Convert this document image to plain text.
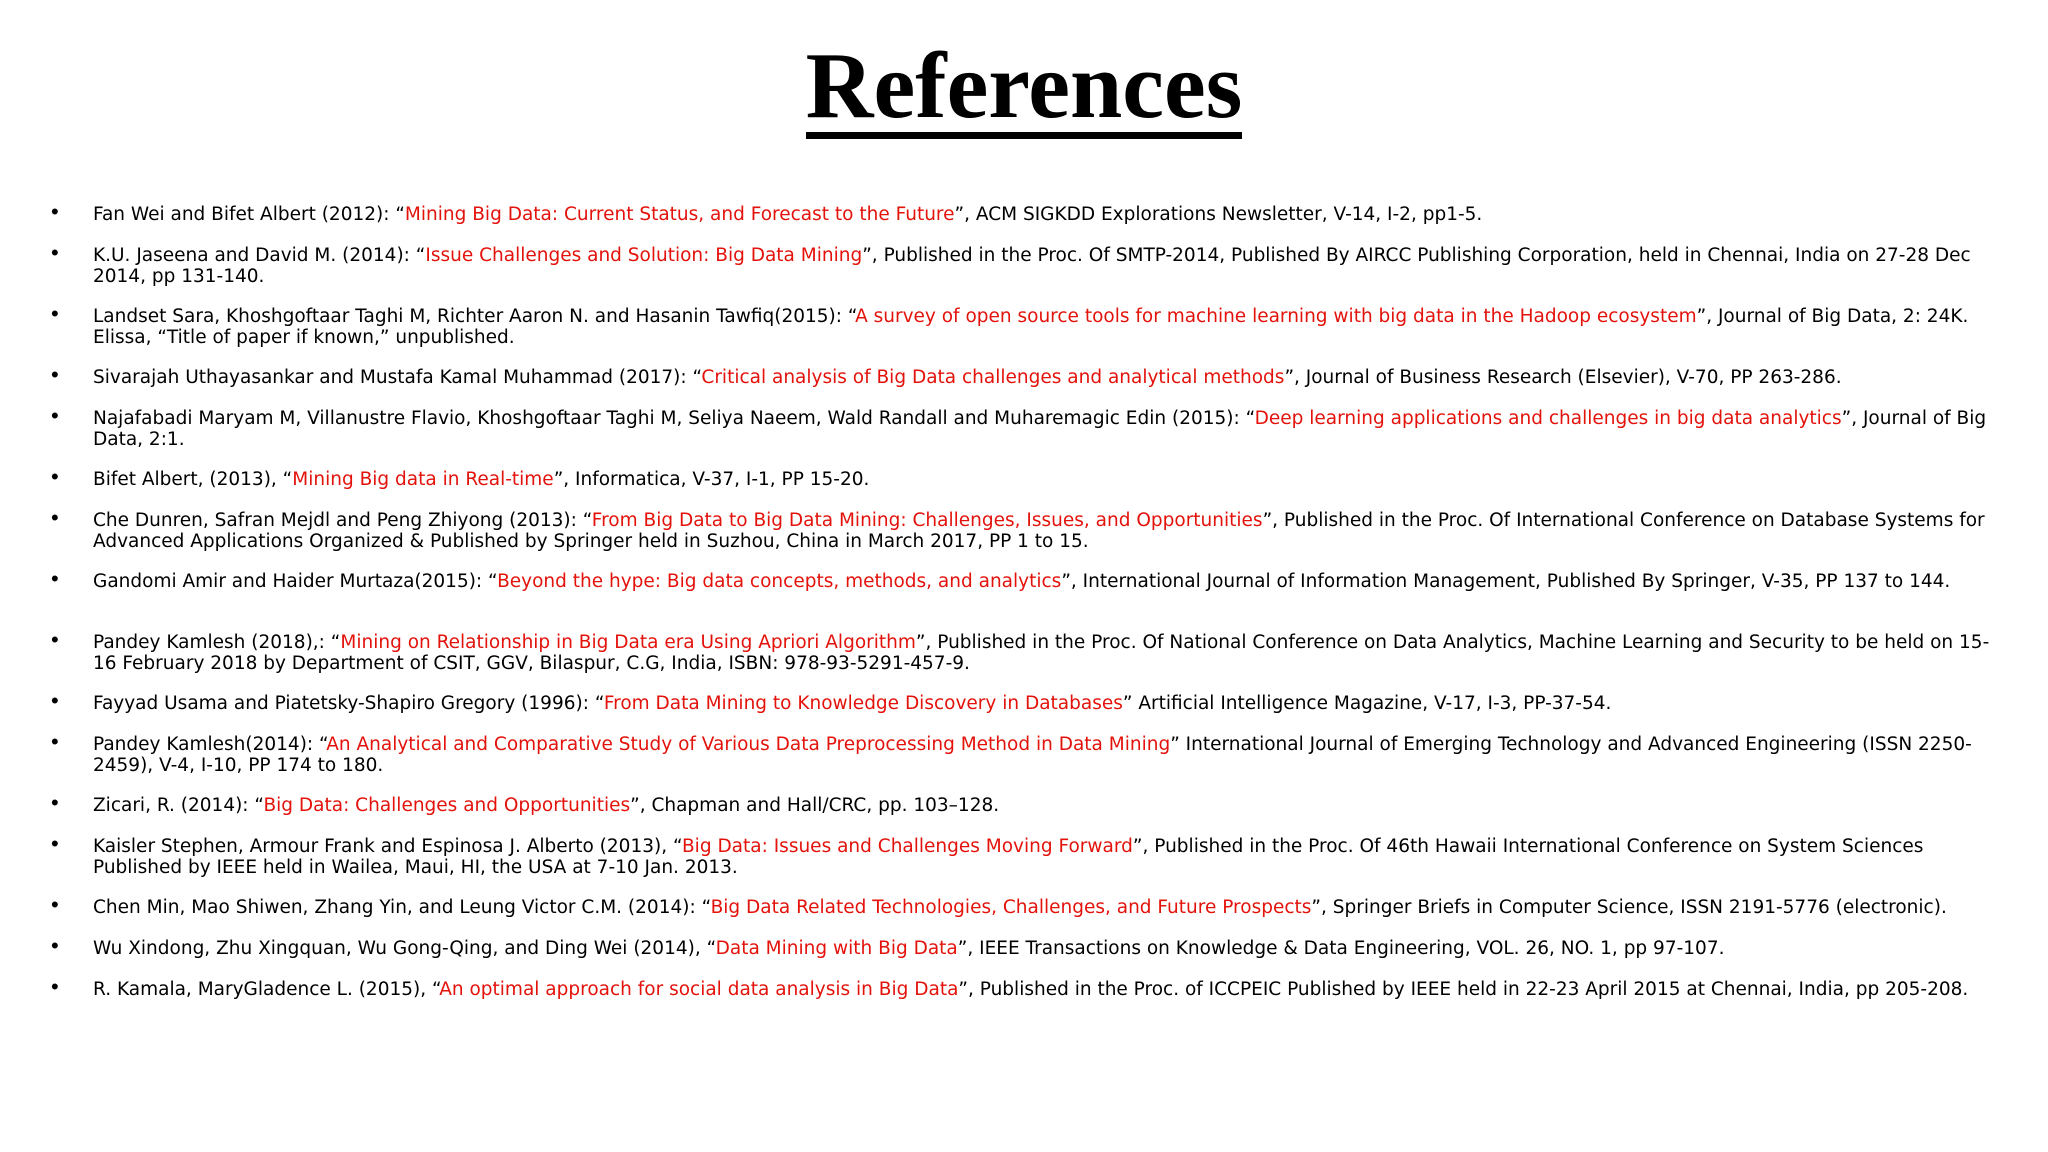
References
• Fan Wei and Bifet Albert (2012): “Mining Big Data: Current Status, and Forecast to the Future”, ACM SIGKDD Explorations Newsletter, V-14, I-2, pp1-5.
• K.U. Jaseena and David M. (2014): “Issue Challenges and Solution: Big Data Mining”, Published in the Proc. Of SMTP-2014, Published By AIRCC Publishing Corporation, held in Chennai, India on 27-28 Dec 2014, pp 131-140.
• Landset Sara, Khoshgoftaar Taghi M, Richter Aaron N. and Hasanin Tawfiq(2015): “A survey of open source tools for machine learning with big data in the Hadoop ecosystem”, Journal of Big Data, 2: 24K. Elissa, “Title of paper if known,” unpublished.
• Sivarajah Uthayasankar and Mustafa Kamal Muhammad (2017): “Critical analysis of Big Data challenges and analytical methods”, Journal of Business Research (Elsevier), V-70, PP 263-286.
• Najafabadi Maryam M, Villanustre Flavio, Khoshgoftaar Taghi M, Seliya Naeem, Wald Randall and Muharemagic Edin (2015): “Deep learning applications and challenges in big data analytics”, Journal of Big Data, 2:1.
• Bifet Albert, (2013), “Mining Big data in Real-time”, Informatica, V-37, I-1, PP 15-20.
• Che Dunren, Safran Mejdl and Peng Zhiyong (2013): “From Big Data to Big Data Mining: Challenges, Issues, and Opportunities”, Published in the Proc. Of International Conference on Database Systems for Advanced Applications Organized & Published by Springer held in Suzhou, China in March 2017, PP 1 to 15.
• Gandomi Amir and Haider Murtaza(2015): “Beyond the hype: Big data concepts, methods, and analytics”, International Journal of Information Management, Published By Springer, V-35, PP 137 to 144.
• Pandey Kamlesh (2018),: “Mining on Relationship in Big Data era Using Apriori Algorithm”, Published in the Proc. Of National Conference on Data Analytics, Machine Learning and Security to be held on 15-16 February 2018 by Department of CSIT, GGV, Bilaspur, C.G, India, ISBN: 978-93-5291-457-9.
• Fayyad Usama and Piatetsky-Shapiro Gregory (1996): “From Data Mining to Knowledge Discovery in Databases” Artificial Intelligence Magazine, V-17, I-3, PP-37-54.
• Pandey Kamlesh(2014): “An Analytical and Comparative Study of Various Data Preprocessing Method in Data Mining” International Journal of Emerging Technology and Advanced Engineering (ISSN 2250-2459), V-4, I-10, PP 174 to 180.
• Zicari, R. (2014): “Big Data: Challenges and Opportunities”, Chapman and Hall/CRC, pp. 103–128.
• Kaisler Stephen, Armour Frank and Espinosa J. Alberto (2013), “Big Data: Issues and Challenges Moving Forward”, Published in the Proc. Of 46th Hawaii International Conference on System Sciences Published by IEEE held in Wailea, Maui, HI, the USA at 7-10 Jan. 2013.
• Chen Min, Mao Shiwen, Zhang Yin, and Leung Victor C.M. (2014): “Big Data Related Technologies, Challenges, and Future Prospects”, Springer Briefs in Computer Science, ISSN 2191-5776 (electronic).
• Wu Xindong, Zhu Xingquan, Wu Gong-Qing, and Ding Wei (2014), “Data Mining with Big Data”, IEEE Transactions on Knowledge & Data Engineering, VOL. 26, NO. 1, pp 97-107.
• R. Kamala, MaryGladence L. (2015), “An optimal approach for social data analysis in Big Data”, Published in the Proc. of ICCPEIC Published by IEEE held in 22-23 April 2015 at Chennai, India, pp 205-208.
